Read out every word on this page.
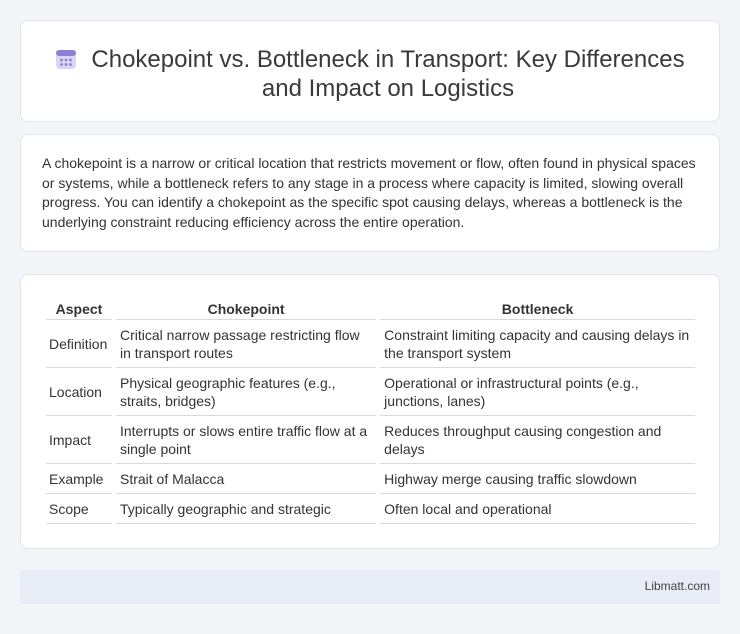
Chokepoint vs. Bottleneck in Transport: Key Differences and Impact on Logistics

A chokepoint is a narrow or critical location that restricts movement or flow, often found in physical spaces or systems, while a bottleneck refers to any stage in a process where capacity is limited, slowing overall progress. You can identify a chokepoint as the specific spot causing delays, whereas a bottleneck is the underlying constraint reducing efficiency across the entire operation.

Aspect	Chokepoint	Bottleneck
Definition	Critical narrow passage restricting flow in transport routes	Constraint limiting capacity and causing delays in the transport system
Location	Physical geographic features (e.g., straits, bridges)	Operational or infrastructural points (e.g., junctions, lanes)
Impact	Interrupts or slows entire traffic flow at a single point	Reduces throughput causing congestion and delays
Example	Strait of Malacca	Highway merge causing traffic slowdown
Scope	Typically geographic and strategic	Often local and operational
Libmatt.com
